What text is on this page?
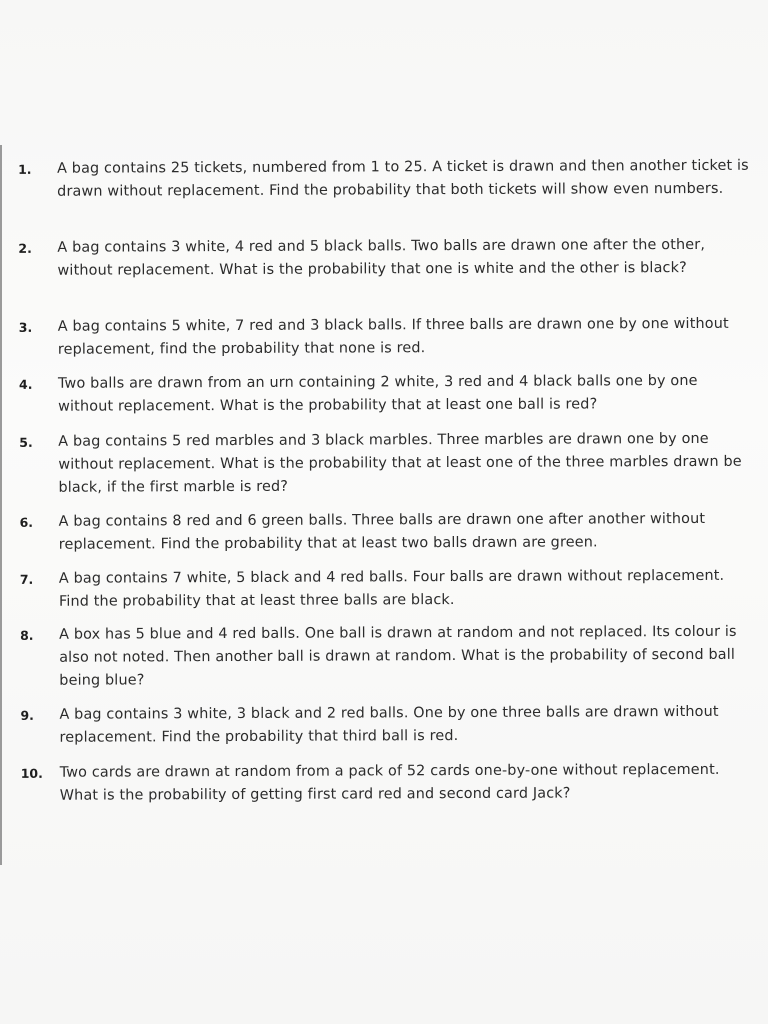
1.	A bag contains 25 tickets, numbered from 1 to 25. A ticket is drawn and then another ticket is drawn without replacement. Find the probability that both tickets will show even numbers.

2.	A bag contains 3 white, 4 red and 5 black balls. Two balls are drawn one after the other, without replacement. What is the probability that one is white and the other is black?

3.	A bag contains 5 white, 7 red and 3 black balls. If three balls are drawn one by one without replacement, find the probability that none is red.

4.	Two balls are drawn from an urn containing 2 white, 3 red and 4 black balls one by one without replacement. What is the probability that at least one ball is red?

5.	A bag contains 5 red marbles and 3 black marbles. Three marbles are drawn one by one without replacement. What is the probability that at least one of the three marbles drawn be black, if the first marble is red?

6.	A bag contains 8 red and 6 green balls. Three balls are drawn one after another without replacement. Find the probability that at least two balls drawn are green.

7.	A bag contains 7 white, 5 black and 4 red balls. Four balls are drawn without replacement. Find the probability that at least three balls are black.

8.	A box has 5 blue and 4 red balls. One ball is drawn at random and not replaced. Its colour is also not noted. Then another ball is drawn at random. What is the probability of second ball being blue?

9.	A bag contains 3 white, 3 black and 2 red balls. One by one three balls are drawn without replacement. Find the probability that third ball is red.

10.	Two cards are drawn at random from a pack of 52 cards one-by-one without replacement. What is the probability of getting first card red and second card Jack?
